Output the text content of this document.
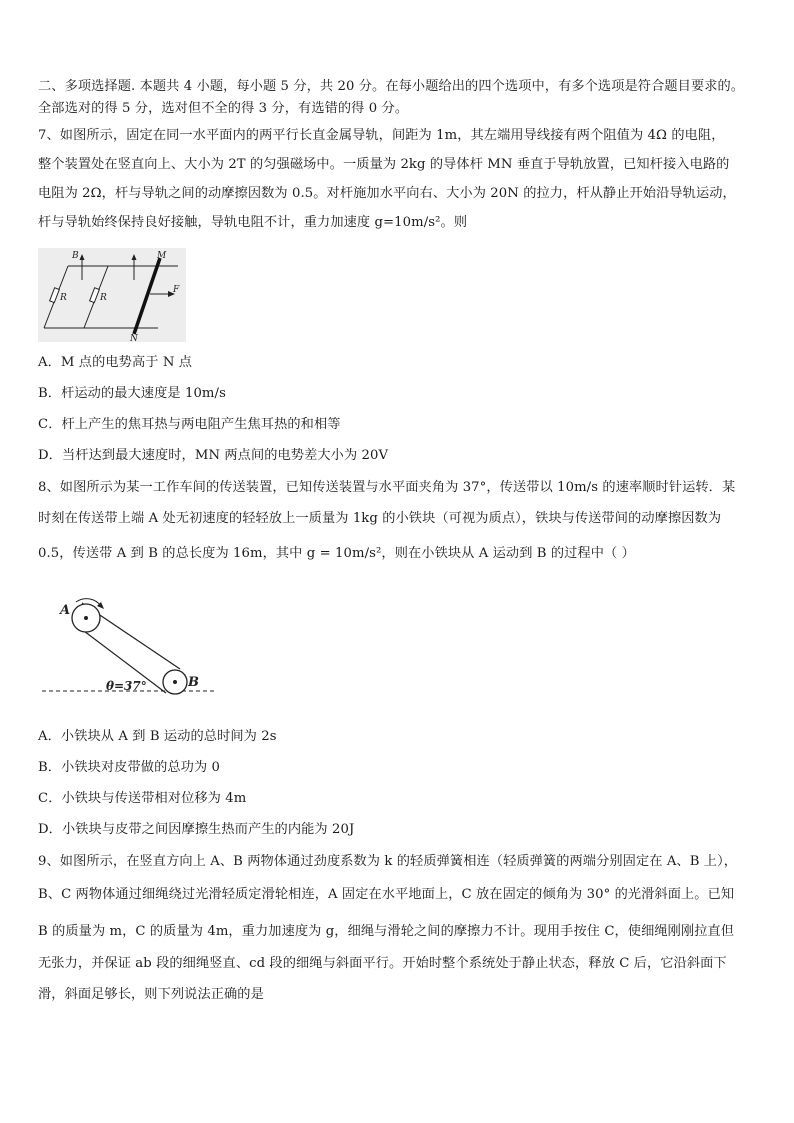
二、多项选择题. 本题共 4 小题，每小题 5 分，共 20 分。在每小题给出的四个选项中，有多个选项是符合题目要求的。
全部选对的得 5 分，选对但不全的得 3 分，有选错的得 0 分。
7、如图所示，固定在同一水平面内的两平行长直金属导轨，间距为 1m，其左端用导线接有两个阻值为 4Ω 的电阻，
整个装置处在竖直向上、大小为 2T 的匀强磁场中。一质量为 2kg 的导体杆 MN 垂直于导轨放置，已知杆接入电路的
电阻为 2Ω，杆与导轨之间的动摩擦因数为 0.5。对杆施加水平向右、大小为 20N 的拉力，杆从静止开始沿导轨运动，
杆与导轨始终保持良好接触，导轨电阻不计，重力加速度 g=10m/s²。则
R	R
B	M
N
F
A．M 点的电势高于 N 点
B．杆运动的最大速度是 10m/s
C．杆上产生的焦耳热与两电阻产生焦耳热的和相等
D．当杆达到最大速度时，MN 两点间的电势差大小为 20V
8、如图所示为某一工作车间的传送装置，已知传送装置与水平面夹角为 37°，传送带以 10m/s 的速率顺时针运转．某
时刻在传送带上端 A 处无初速度的轻轻放上一质量为 1kg 的小铁块（可视为质点），铁块与传送带间的动摩擦因数为
0.5，传送带 A 到 B 的总长度为 16m，其中 g = 10m/s²，则在小铁块从 A 运动到 B 的过程中（ ）
A
B
θ=37°
A．小铁块从 A 到 B 运动的总时间为 2s
B．小铁块对皮带做的总功为 0
C．小铁块与传送带相对位移为 4m
D．小铁块与皮带之间因摩擦生热而产生的内能为 20J
9、如图所示，在竖直方向上 A、B 两物体通过劲度系数为 k 的轻质弹簧相连（轻质弹簧的两端分别固定在 A、B 上），
B、C 两物体通过细绳绕过光滑轻质定滑轮相连，A 固定在水平地面上，C 放在固定的倾角为 30° 的光滑斜面上。已知
B 的质量为 m，C 的质量为 4m，重力加速度为 g，细绳与滑轮之间的摩擦力不计。现用手按住 C，使细绳刚刚拉直但
无张力，并保证 ab 段的细绳竖直、cd 段的细绳与斜面平行。开始时整个系统处于静止状态，释放 C 后，它沿斜面下
滑，斜面足够长，则下列说法正确的是
